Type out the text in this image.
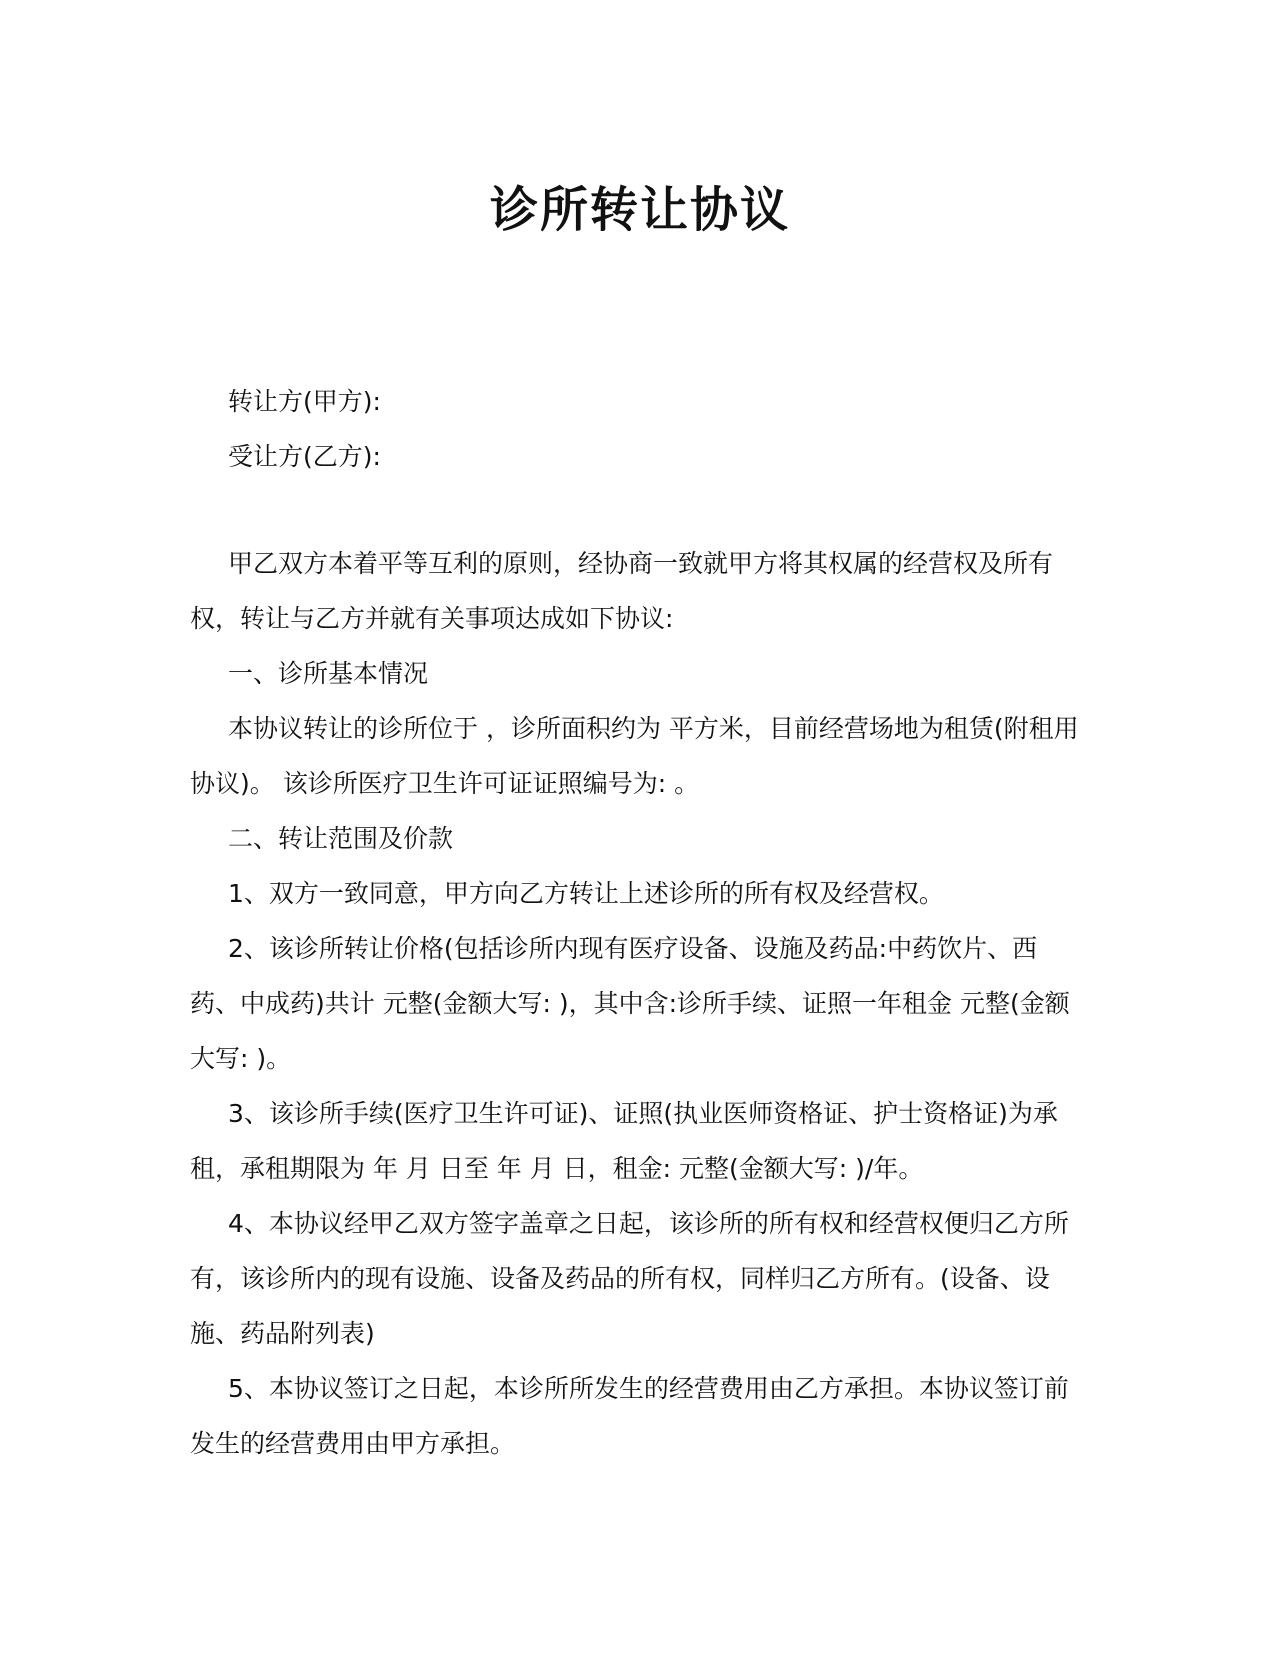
诊所转让协议

转让方(甲方):

受让方(乙方):

甲乙双方本着平等互利的原则，经协商一致就甲方将其权属的经营权及所有权，转让与乙方并就有关事项达成如下协议:

一、诊所基本情况

本协议转让的诊所位于 ，诊所面积约为 平方米，目前经营场地为租赁(附租用协议)。 该诊所医疗卫生许可证证照编号为: 。

二、转让范围及价款

1、双方一致同意，甲方向乙方转让上述诊所的所有权及经营权。

2、该诊所转让价格(包括诊所内现有医疗设备、设施及药品:中药饮片、西药、中成药)共计 元整(金额大写: )，其中含:诊所手续、证照一年租金 元整(金额大写: )。

3、该诊所手续(医疗卫生许可证)、证照(执业医师资格证、护士资格证)为承租，承租期限为 年 月 日至 年 月 日，租金: 元整(金额大写: )/年。

4、本协议经甲乙双方签字盖章之日起，该诊所的所有权和经营权便归乙方所有，该诊所内的现有设施、设备及药品的所有权，同样归乙方所有。(设备、设施、药品附列表)

5、本协议签订之日起，本诊所所发生的经营费用由乙方承担。本协议签订前发生的经营费用由甲方承担。
